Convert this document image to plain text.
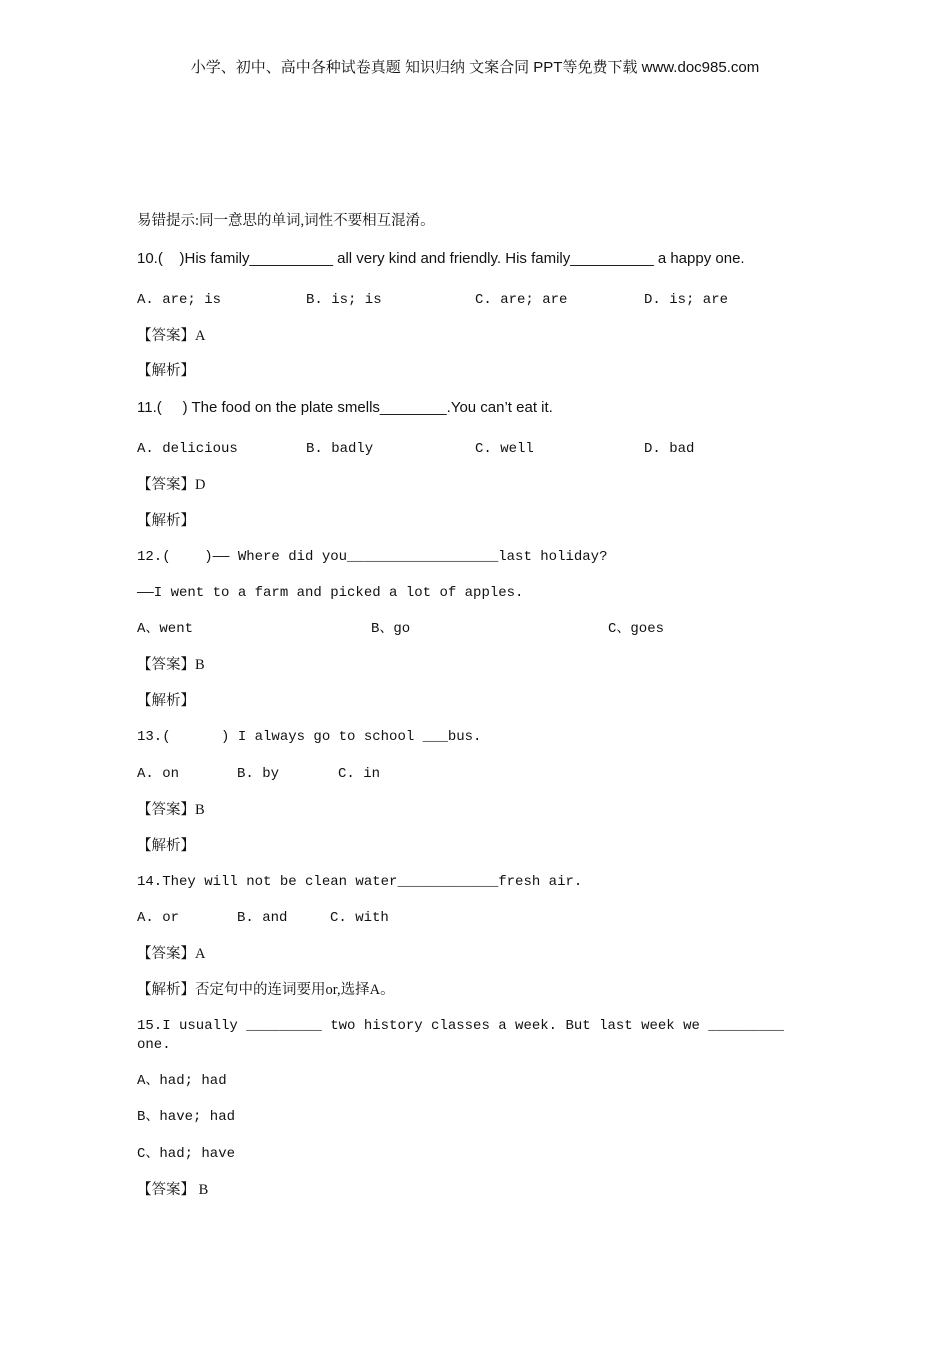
小学、初中、高中各种试卷真题 知识归纳 文案合同 PPT等免费下载 www.doc985.com
易错提示:同一意思的单词,词性不要相互混淆。
10.(    )His family__________ all very kind and friendly. His family__________ a happy one.
A. are; is	B. is; is	C. are; are	D. is; are
【答案】A
【解析】
11.(     ) The food on the plate smells________.You can’t eat it.
A. delicious	B. badly	C. well	D. bad
【答案】D
【解析】
12.(    )—— Where did you__________________last holiday?
——I went to a farm and picked a lot of apples.
A、went	B、go	C、goes
【答案】B
【解析】
13.(      ) I always go to school ___bus.
A. on	B. by	C. in
【答案】B
【解析】
14.They will not be clean water____________fresh air.
A. or	B. and	C. with
【答案】A
【解析】否定句中的连词要用or,选择A。
15.I usually _________ two history classes a week. But last week we _________
one.
A、had; had
B、have; had
C、had; have
【答案】 B
